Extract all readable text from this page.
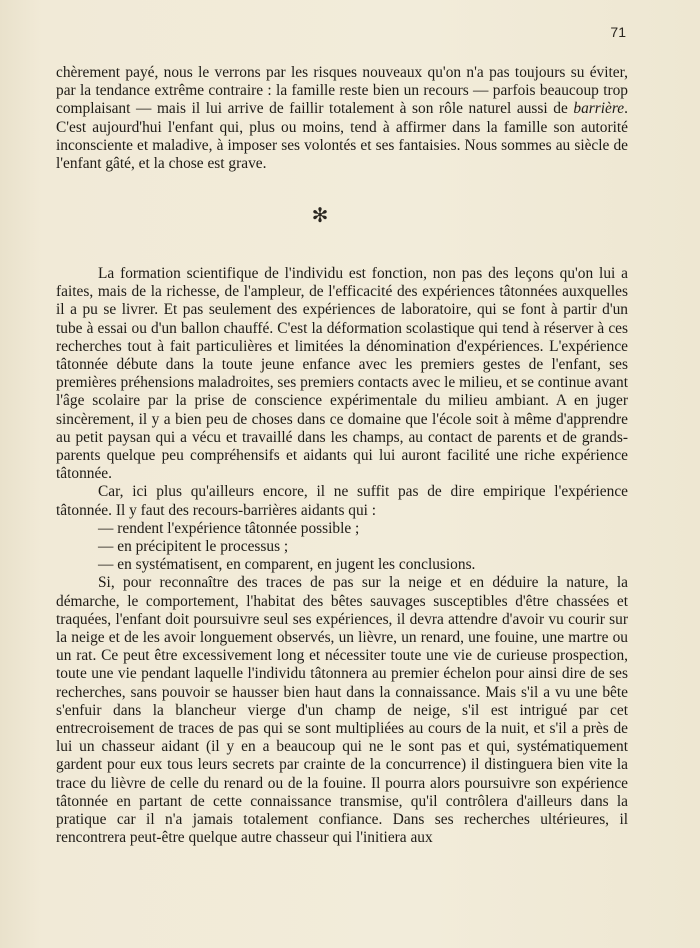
71

chèrement payé, nous le verrons par les risques nouveaux qu'on n'a pas toujours su éviter, par la tendance extrême contraire : la famille reste bien un recours — parfois beaucoup trop complaisant — mais il lui arrive de faillir totalement à son rôle naturel aussi de barrière. C'est aujourd'hui l'enfant qui, plus ou moins, tend à affirmer dans la famille son autorité inconsciente et maladive, à imposer ses volontés et ses fantaisies. Nous sommes au siècle de l'enfant gâté, et la chose est grave.

✻

La formation scientifique de l'individu est fonction, non pas des leçons qu'on lui a faites, mais de la richesse, de l'ampleur, de l'efficacité des expériences tâtonnées auxquelles il a pu se livrer. Et pas seulement des expériences de laboratoire, qui se font à partir d'un tube à essai ou d'un ballon chauffé. C'est la déformation scolastique qui tend à réserver à ces recherches tout à fait particulières et limitées la dénomination d'expériences. L'expérience tâtonnée débute dans la toute jeune enfance avec les premiers gestes de l'enfant, ses premières préhensions maladroites, ses premiers contacts avec le milieu, et se continue avant l'âge scolaire par la prise de conscience expérimentale du milieu ambiant. A en juger sincèrement, il y a bien peu de choses dans ce domaine que l'école soit à même d'apprendre au petit paysan qui a vécu et travaillé dans les champs, au contact de parents et de grands-parents quelque peu compréhensifs et aidants qui lui auront facilité une riche expérience tâtonnée.

Car, ici plus qu'ailleurs encore, il ne suffit pas de dire empirique l'expérience tâtonnée. Il y faut des recours-barrières aidants qui :

— rendent l'expérience tâtonnée possible ;

— en précipitent le processus ;

— en systématisent, en comparent, en jugent les conclusions.

Si, pour reconnaître des traces de pas sur la neige et en déduire la nature, la démarche, le comportement, l'habitat des bêtes sauvages susceptibles d'être chassées et traquées, l'enfant doit poursuivre seul ses expériences, il devra attendre d'avoir vu courir sur la neige et de les avoir longuement observés, un lièvre, un renard, une fouine, une martre ou un rat. Ce peut être excessivement long et nécessiter toute une vie de curieuse prospection, toute une vie pendant laquelle l'individu tâtonnera au premier échelon pour ainsi dire de ses recherches, sans pouvoir se hausser bien haut dans la connaissance. Mais s'il a vu une bête s'enfuir dans la blancheur vierge d'un champ de neige, s'il est intrigué par cet entrecroisement de traces de pas qui se sont multipliées au cours de la nuit, et s'il a près de lui un chasseur aidant (il y en a beaucoup qui ne le sont pas et qui, systématiquement gardent pour eux tous leurs secrets par crainte de la concurrence) il distinguera bien vite la trace du lièvre de celle du renard ou de la fouine. Il pourra alors poursuivre son expérience tâtonnée en partant de cette connaissance transmise, qu'il contrôlera d'ailleurs dans la pratique car il n'a jamais totalement confiance. Dans ses recherches ultérieures, il rencontrera peut-être quelque autre chasseur qui l'initiera aux
